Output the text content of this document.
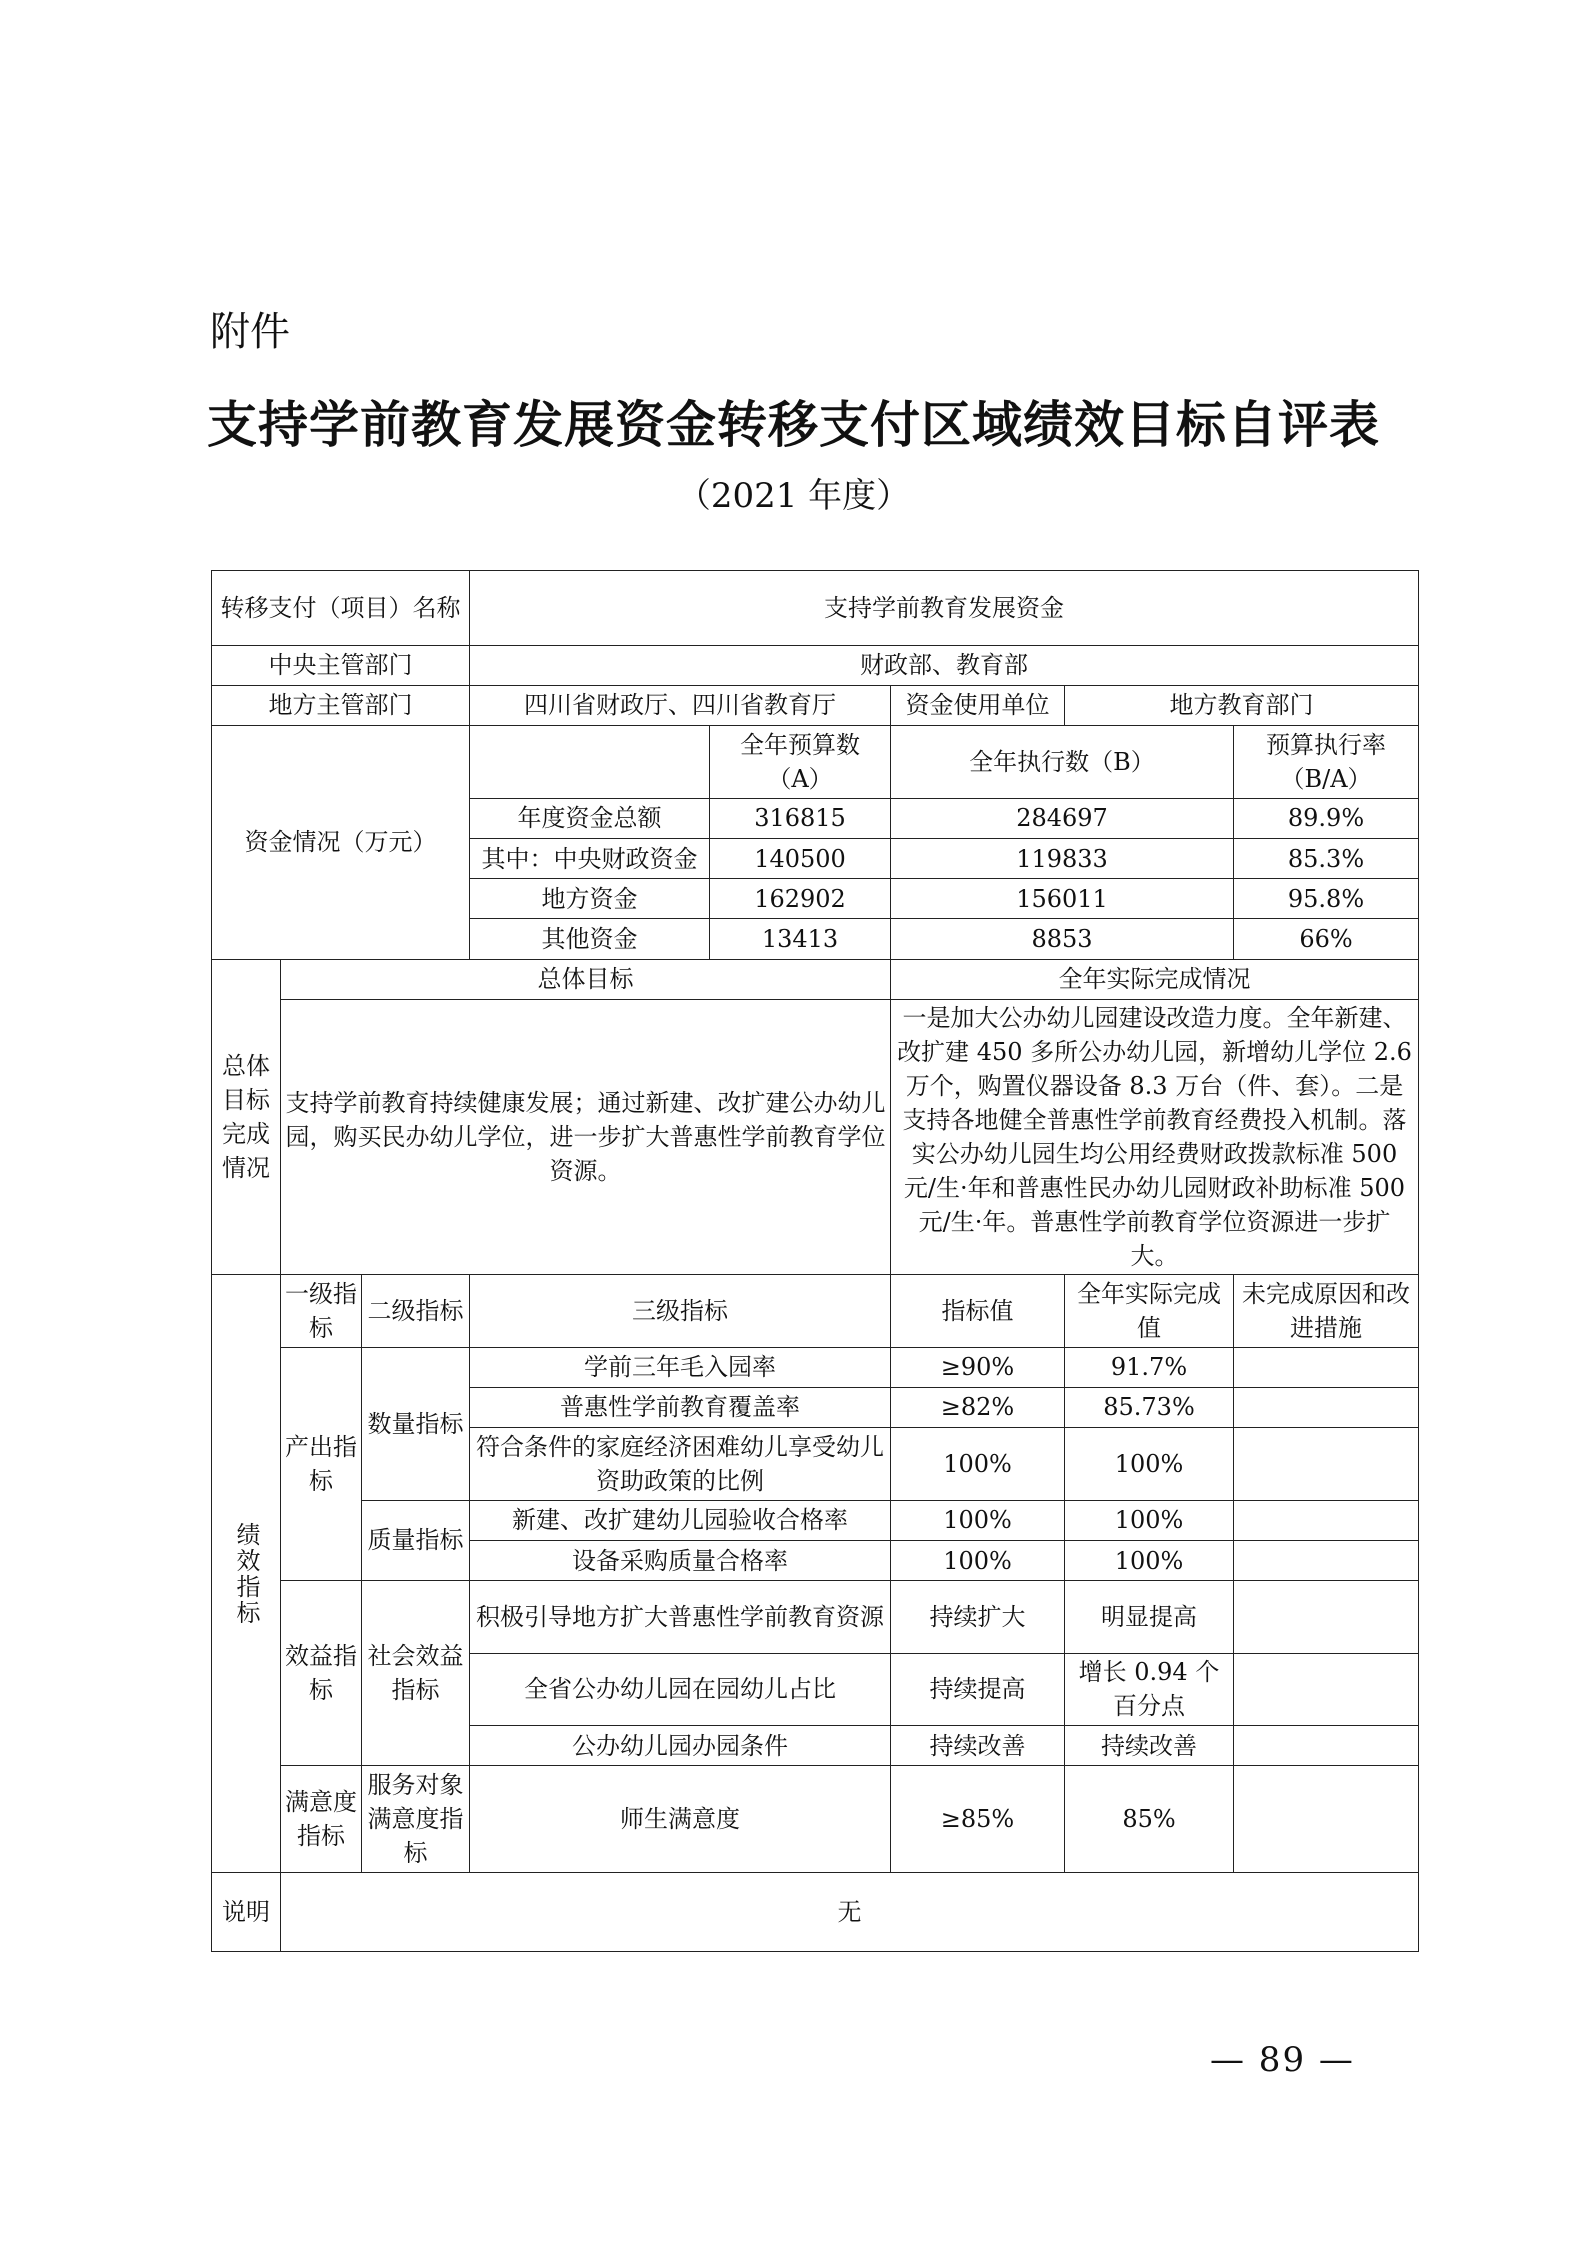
附件
支持学前教育发展资金转移支付区域绩效目标自评表
（2021 年度）
转移支付（项目）名称			支持学前教育发展资金				
中央主管部门			财政部、教育部				
地方主管部门			四川省财政厅、四川省教育厅		资金使用单位	地方教育部门	
资金情况（万元）				全年预算数（A）	全年执行数（B）		预算执行率（B/A）
			年度资金总额	316815	284697		89.9%
			其中：中央财政资金	140500	119833		85.3%
			地方资金	162902	156011		95.8%
			其他资金	13413	8853		66%
总体目标完成情况	总体目标				全年实际完成情况		
	支持学前教育持续健康发展；通过新建、改扩建公办幼儿园，购买民办幼儿学位，进一步扩大普惠性学前教育学位资源。				一是加大公办幼儿园建设改造力度。全年新建、改扩建 450 多所公办幼儿园，新增幼儿学位 2.6 万个，购置仪器设备 8.3 万台（件、套）。二是支持各地健全普惠性学前教育经费投入机制。落实公办幼儿园生均公用经费财政拨款标准 500 元/生·年和普惠性民办幼儿园财政补助标准 500 元/生·年。普惠性学前教育学位资源进一步扩大。		
绩效指标	一级指标	二级指标	三级指标		指标值	全年实际完成值	未完成原因和改进措施
	产出指标	数量指标	学前三年毛入园率		≥90%	91.7%	
			普惠性学前教育覆盖率		≥82%	85.73%	
			符合条件的家庭经济困难幼儿享受幼儿资助政策的比例		100%	100%	
		质量指标	新建、改扩建幼儿园验收合格率		100%	100%	
			设备采购质量合格率		100%	100%	
	效益指标	社会效益指标	积极引导地方扩大普惠性学前教育资源		持续扩大	明显提高	
			全省公办幼儿园在园幼儿占比		持续提高	增长 0.94 个百分点	
			公办幼儿园办园条件		持续改善	持续改善	
	满意度指标	服务对象满意度指标	师生满意度		≥85%	85%	
说明	无						
— 89 —
